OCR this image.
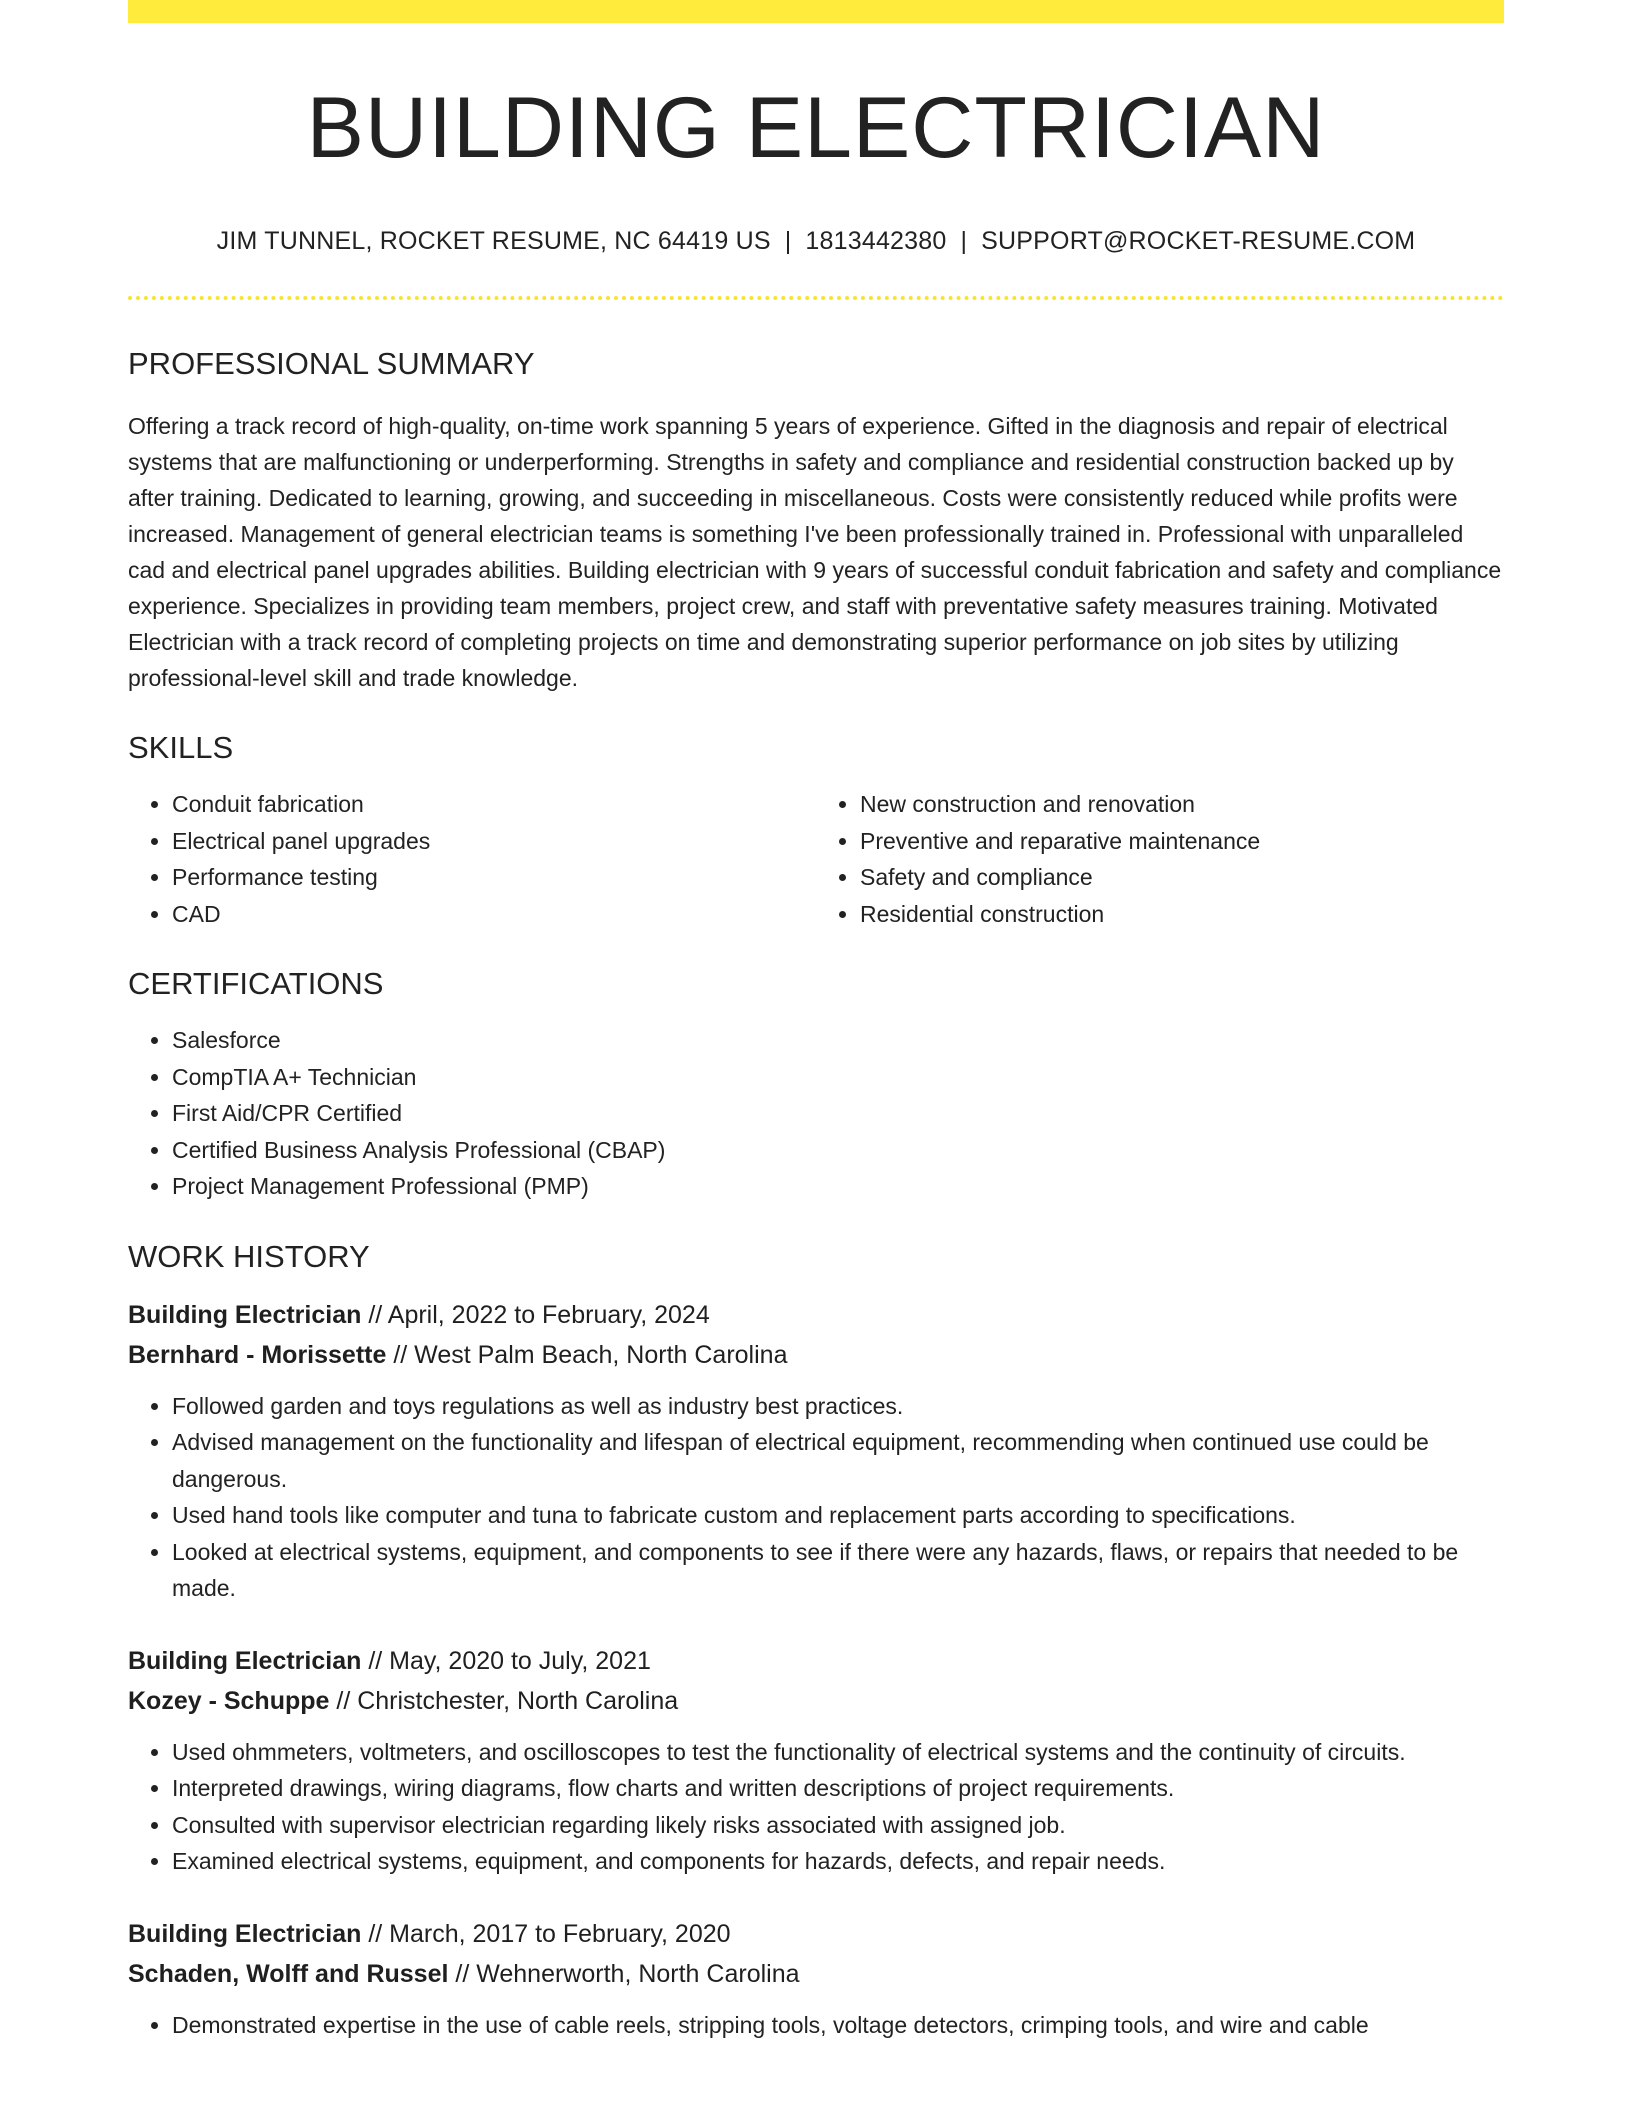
BUILDING ELECTRICIAN
JIM TUNNEL, ROCKET RESUME, NC 64419 US | 1813442380 | SUPPORT@ROCKET-RESUME.COM
PROFESSIONAL SUMMARY

Offering a track record of high-quality, on-time work spanning 5 years of experience. Gifted in the diagnosis and repair of electrical systems that are malfunctioning or underperforming. Strengths in safety and compliance and residential construction backed up by after training. Dedicated to learning, growing, and succeeding in miscellaneous. Costs were consistently reduced while profits were increased. Management of general electrician teams is something I've been professionally trained in. Professional with unparalleled cad and electrical panel upgrades abilities. Building electrician with 9 years of successful conduit fabrication and safety and compliance experience. Specializes in providing team members, project crew, and staff with preventative safety measures training. Motivated Electrician with a track record of completing projects on time and demonstrating superior performance on job sites by utilizing professional-level skill and trade knowledge.

SKILLS
• Conduit fabrication
• Electrical panel upgrades
• Performance testing
• CAD
• New construction and renovation
• Preventive and reparative maintenance
• Safety and compliance
• Residential construction
CERTIFICATIONS
• Salesforce
• CompTIA A+ Technician
• First Aid/CPR Certified
• Certified Business Analysis Professional (CBAP)
• Project Management Professional (PMP)
WORK HISTORY
Building Electrician // April, 2022 to February, 2024
Bernhard - Morissette // West Palm Beach, North Carolina
• Followed garden and toys regulations as well as industry best practices.
• Advised management on the functionality and lifespan of electrical equipment, recommending when continued use could be dangerous.
• Used hand tools like computer and tuna to fabricate custom and replacement parts according to specifications.
• Looked at electrical systems, equipment, and components to see if there were any hazards, flaws, or repairs that needed to be made.
Building Electrician // May, 2020 to July, 2021
Kozey - Schuppe // Christchester, North Carolina
• Used ohmmeters, voltmeters, and oscilloscopes to test the functionality of electrical systems and the continuity of circuits.
• Interpreted drawings, wiring diagrams, flow charts and written descriptions of project requirements.
• Consulted with supervisor electrician regarding likely risks associated with assigned job.
• Examined electrical systems, equipment, and components for hazards, defects, and repair needs.
Building Electrician // March, 2017 to February, 2020
Schaden, Wolff and Russel // Wehnerworth, North Carolina
• Demonstrated expertise in the use of cable reels, stripping tools, voltage detectors, crimping tools, and wire and cable
